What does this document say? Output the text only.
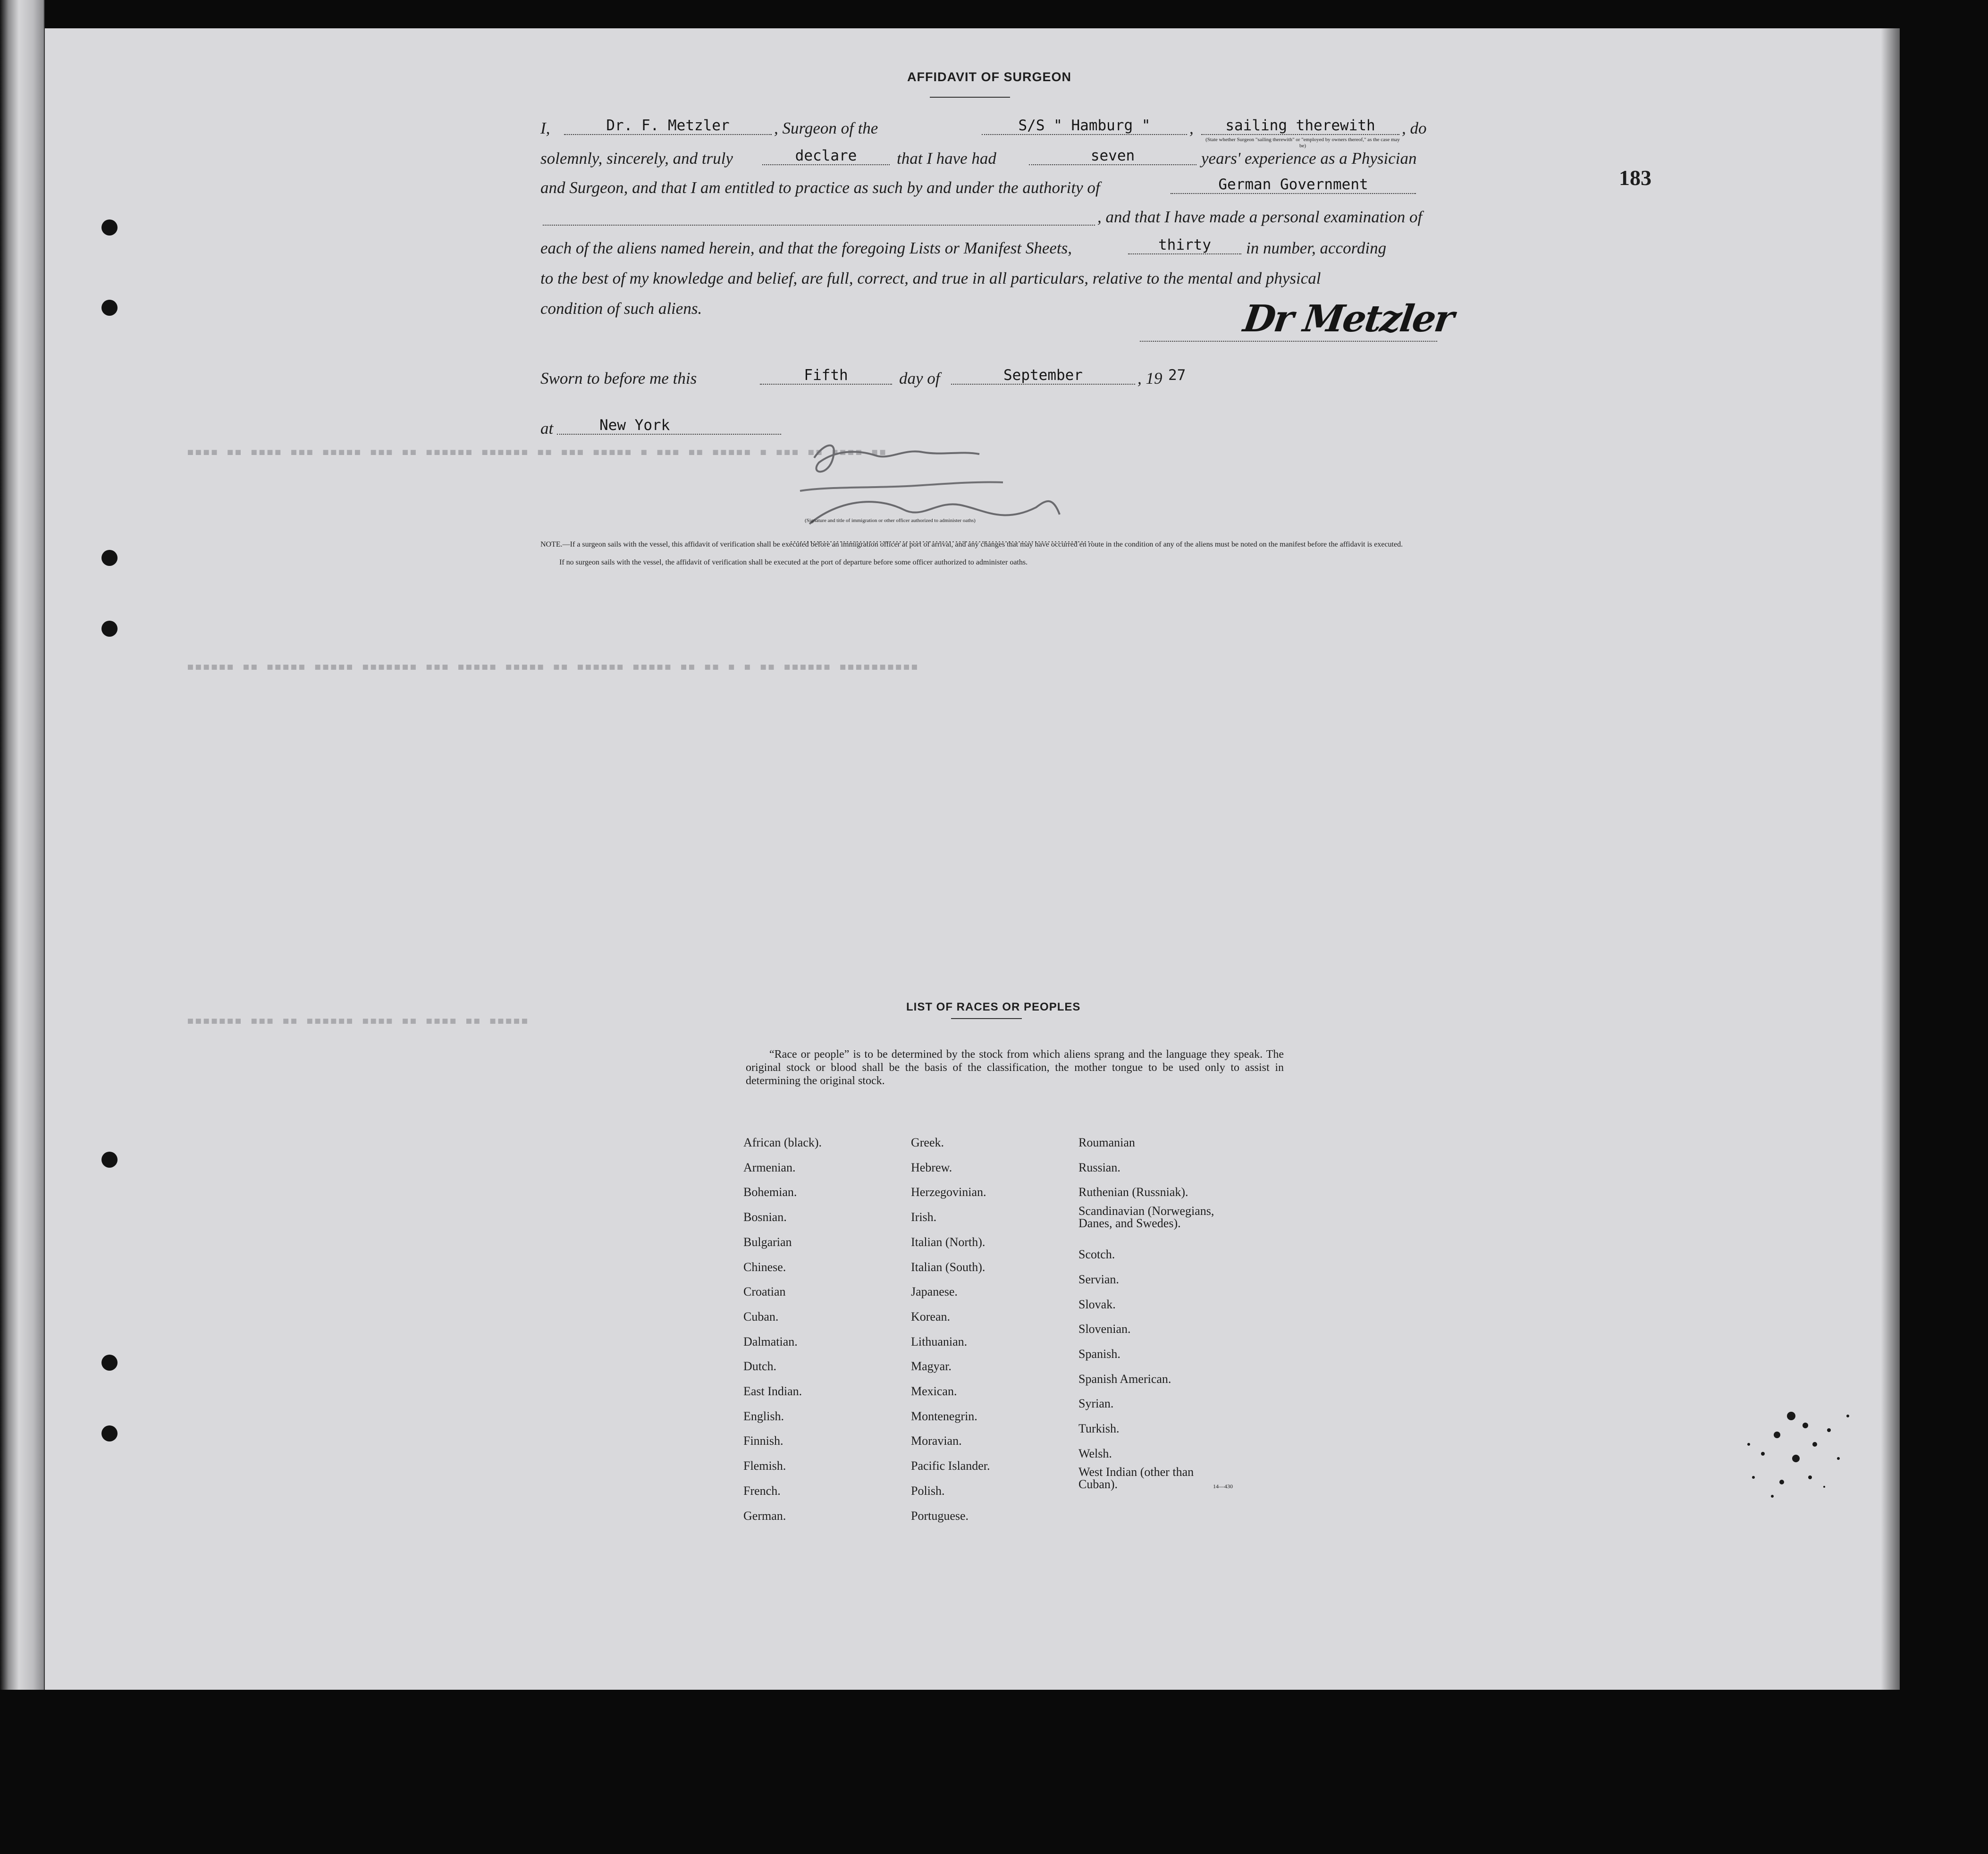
▪▪▪▪ ▪▪ ▪▪▪▪ ▪▪▪ ▪▪▪▪▪ ▪▪▪ ▪▪ ▪▪▪▪▪▪ ▪▪▪▪▪▪ ▪▪ ▪▪▪ ▪▪▪▪▪ ▪ ▪▪▪ ▪▪ ▪▪▪▪▪ ▪ ▪▪▪ ▪▪ ▪▪▪▪ ▪▪
▪▪▪▪▪▪ ▪▪ ▪▪▪▪▪ ▪▪▪▪▪ ▪▪▪▪▪▪▪ ▪▪▪ ▪▪▪▪▪ ▪▪▪▪▪ ▪▪ ▪▪▪▪▪▪ ▪▪▪▪▪ ▪▪ ▪▪ ▪ ▪ ▪▪ ▪▪▪▪▪▪ ▪▪▪▪▪▪▪▪▪▪
▪▪▪▪▪▪▪ ▪▪▪ ▪▪ ▪▪▪▪▪▪ ▪▪▪▪ ▪▪ ▪▪▪▪ ▪▪ ▪▪▪▪▪
183
AFFIDAVIT OF SURGEON
I,	Dr. F. Metzler	, Surgeon of the	S/S " Hamburg "	,	sailing therewith	, do
(State whether Surgeon "sailing therewith" or "employed by owners thereof," as the case may be)
solemnly, sincerely, and truly	declare	that I have had	seven	years' experience as a Physician
and Surgeon, and that I am entitled to practice as such by and under the authority of	German Government
, and that I have made a personal examination of
each of the aliens named herein, and that the foregoing Lists or Manifest Sheets,	thirty	in number, according
to the best of my knowledge and belief, are full, correct, and true in all particulars, relative to the mental and physical
condition of such aliens.	Dr Metzler
Sworn to before me this	Fifth	day of	September	, 19 27
at	New York
(Signature and title of immigration or other officer authorized to administer oaths)
NOTE.—If a surgeon sails with the vessel, this affidavit of verification shall be executed before an immigration officer at port of arrival, and any changes that may have occurred en route in the condition of any of the aliens must be noted on the manifest before the affidavit is executed.
If no surgeon sails with the vessel, the affidavit of verification shall be executed at the port of departure before some officer authorized to administer oaths.
LIST OF RACES OR PEOPLES
“Race or people” is to be determined by the stock from which aliens sprang and the language they speak. The original stock or blood shall be the basis of the classification, the mother tongue to be used only to assist in determining the original stock.
African (black).
Armenian.
Bohemian.
Bosnian.
Bulgarian
Chinese.
Croatian
Cuban.
Dalmatian.
Dutch.
East Indian.
English.
Finnish.
Flemish.
French.
German.
Greek.
Hebrew.
Herzegovinian.
Irish.
Italian (North).
Italian (South).
Japanese.
Korean.
Lithuanian.
Magyar.
Mexican.
Montenegrin.
Moravian.
Pacific Islander.
Polish.
Portuguese.
Roumanian
Russian.
Ruthenian (Russniak).
Scandinavian (Norwegians, Danes, and Swedes).
Scotch.
Servian.
Slovak.
Slovenian.
Spanish.
Spanish American.
Syrian.
Turkish.
Welsh.
West Indian (other than Cuban).	14—430
